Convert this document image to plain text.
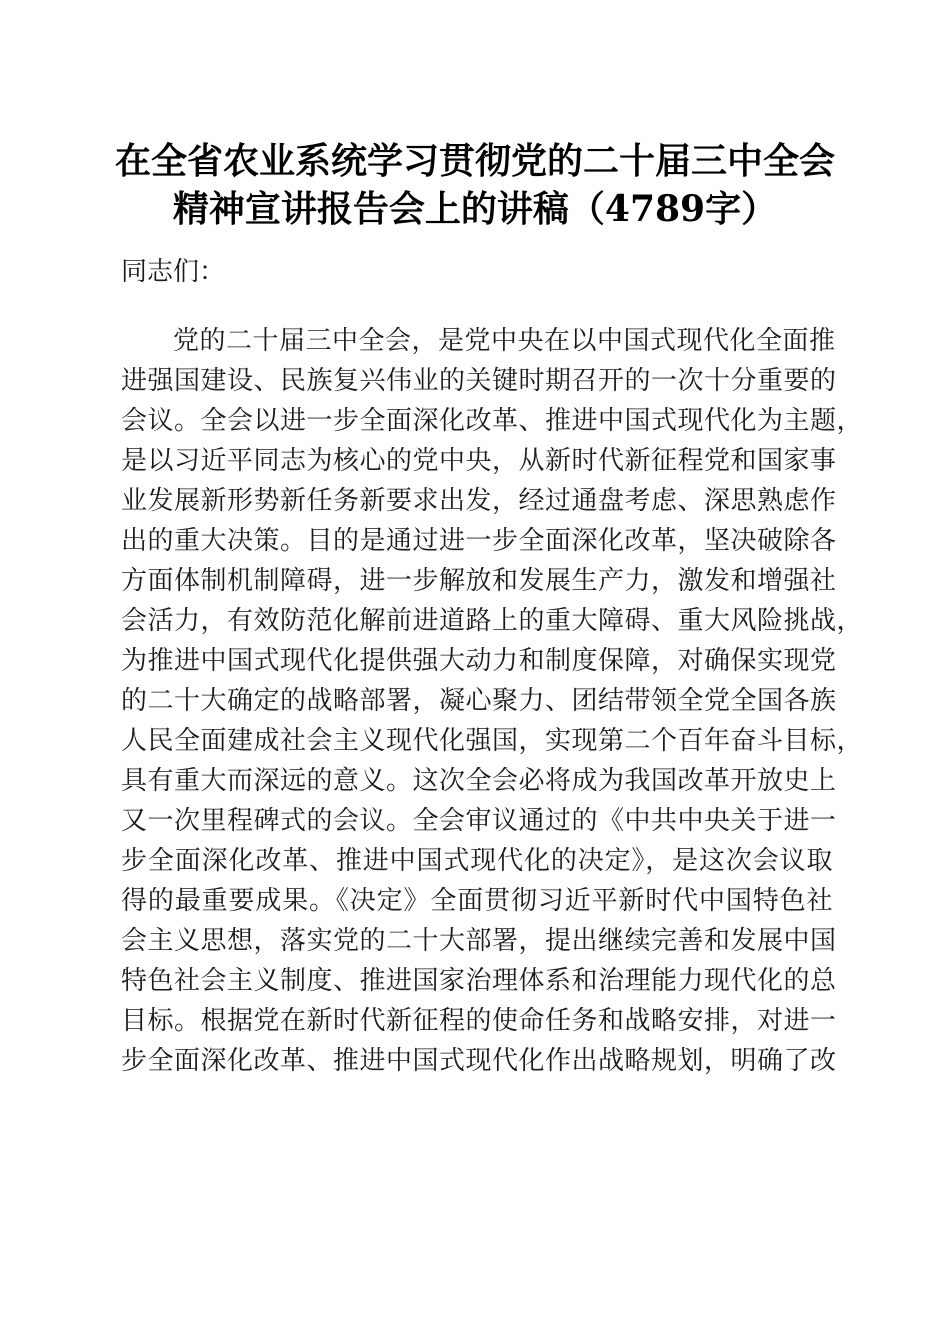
在全省农业系统学习贯彻党的二十届三中全会
精神宣讲报告会上的讲稿（4789字）
同志们：
党的二十届三中全会，是党中央在以中国式现代化全面推
进强国建设、民族复兴伟业的关键时期召开的一次十分重要的
会议。全会以进一步全面深化改革、推进中国式现代化为主题，
是以习近平同志为核心的党中央，从新时代新征程党和国家事
业发展新形势新任务新要求出发，经过通盘考虑、深思熟虑作
出的重大决策。目的是通过进一步全面深化改革，坚决破除各
方面体制机制障碍，进一步解放和发展生产力，激发和增强社
会活力，有效防范化解前进道路上的重大障碍、重大风险挑战，
为推进中国式现代化提供强大动力和制度保障，对确保实现党
的二十大确定的战略部署，凝心聚力、团结带领全党全国各族
人民全面建成社会主义现代化强国，实现第二个百年奋斗目标，
具有重大而深远的意义。这次全会必将成为我国改革开放史上
又一次里程碑式的会议。全会审议通过的《中共中央关于进一
步全面深化改革、推进中国式现代化的决定》，是这次会议取
得的最重要成果。《决定》全面贯彻习近平新时代中国特色社
会主义思想，落实党的二十大部署，提出继续完善和发展中国
特色社会主义制度、推进国家治理体系和治理能力现代化的总
目标。根据党在新时代新征程的使命任务和战略安排，对进一
步全面深化改革、推进中国式现代化作出战略规划，明确了改
